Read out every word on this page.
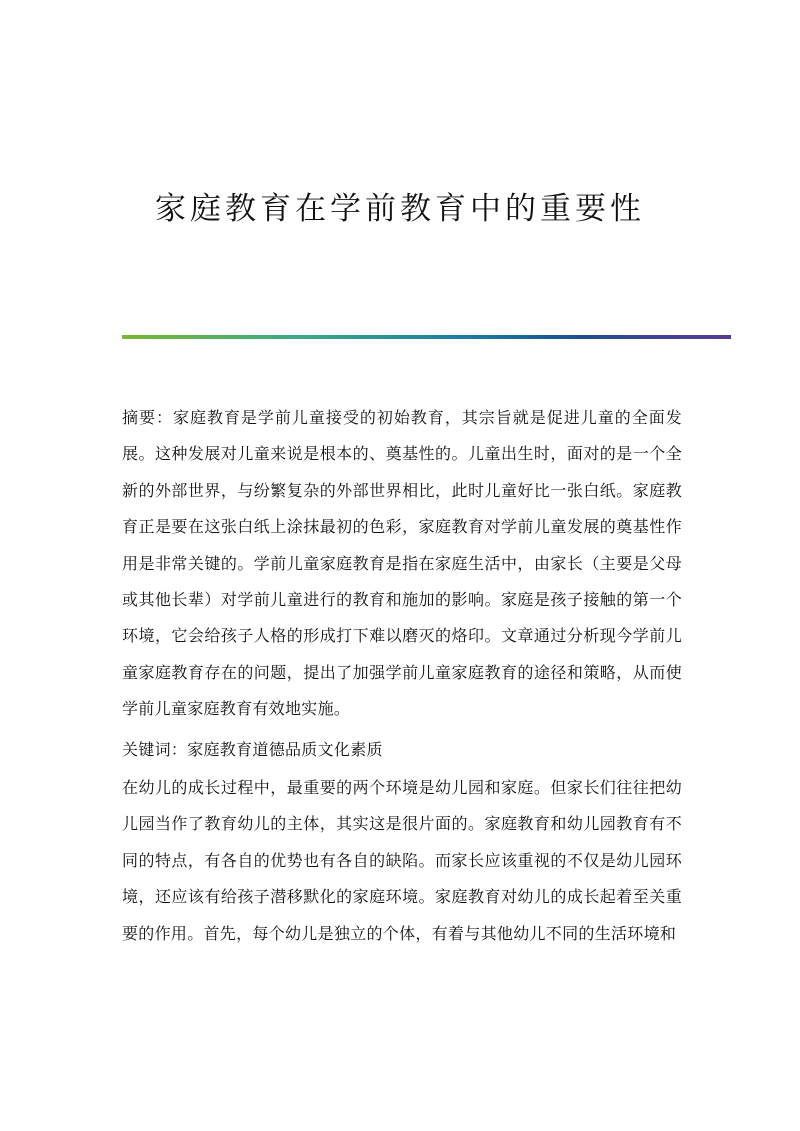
家庭教育在学前教育中的重要性

摘要：家庭教育是学前儿童接受的初始教育，其宗旨就是促进儿童的全面发展。这种发展对儿童来说是根本的、奠基性的。儿童出生时，面对的是一个全新的外部世界，与纷繁复杂的外部世界相比，此时儿童好比一张白纸。家庭教育正是要在这张白纸上涂抹最初的色彩，家庭教育对学前儿童发展的奠基性作用是非常关键的。学前儿童家庭教育是指在家庭生活中，由家长（主要是父母或其他长辈）对学前儿童进行的教育和施加的影响。家庭是孩子接触的第一个环境，它会给孩子人格的形成打下难以磨灭的烙印。文章通过分析现今学前儿童家庭教育存在的问题，提出了加强学前儿童家庭教育的途径和策略，从而使学前儿童家庭教育有效地实施。

关键词：家庭教育道德品质文化素质

在幼儿的成长过程中，最重要的两个环境是幼儿园和家庭。但家长们往往把幼儿园当作了教育幼儿的主体，其实这是很片面的。家庭教育和幼儿园教育有不同的特点，有各自的优势也有各自的缺陷。而家长应该重视的不仅是幼儿园环境，还应该有给孩子潜移默化的家庭环境。家庭教育对幼儿的成长起着至关重要的作用。首先，每个幼儿是独立的个体，有着与其他幼儿不同的生活环境和
